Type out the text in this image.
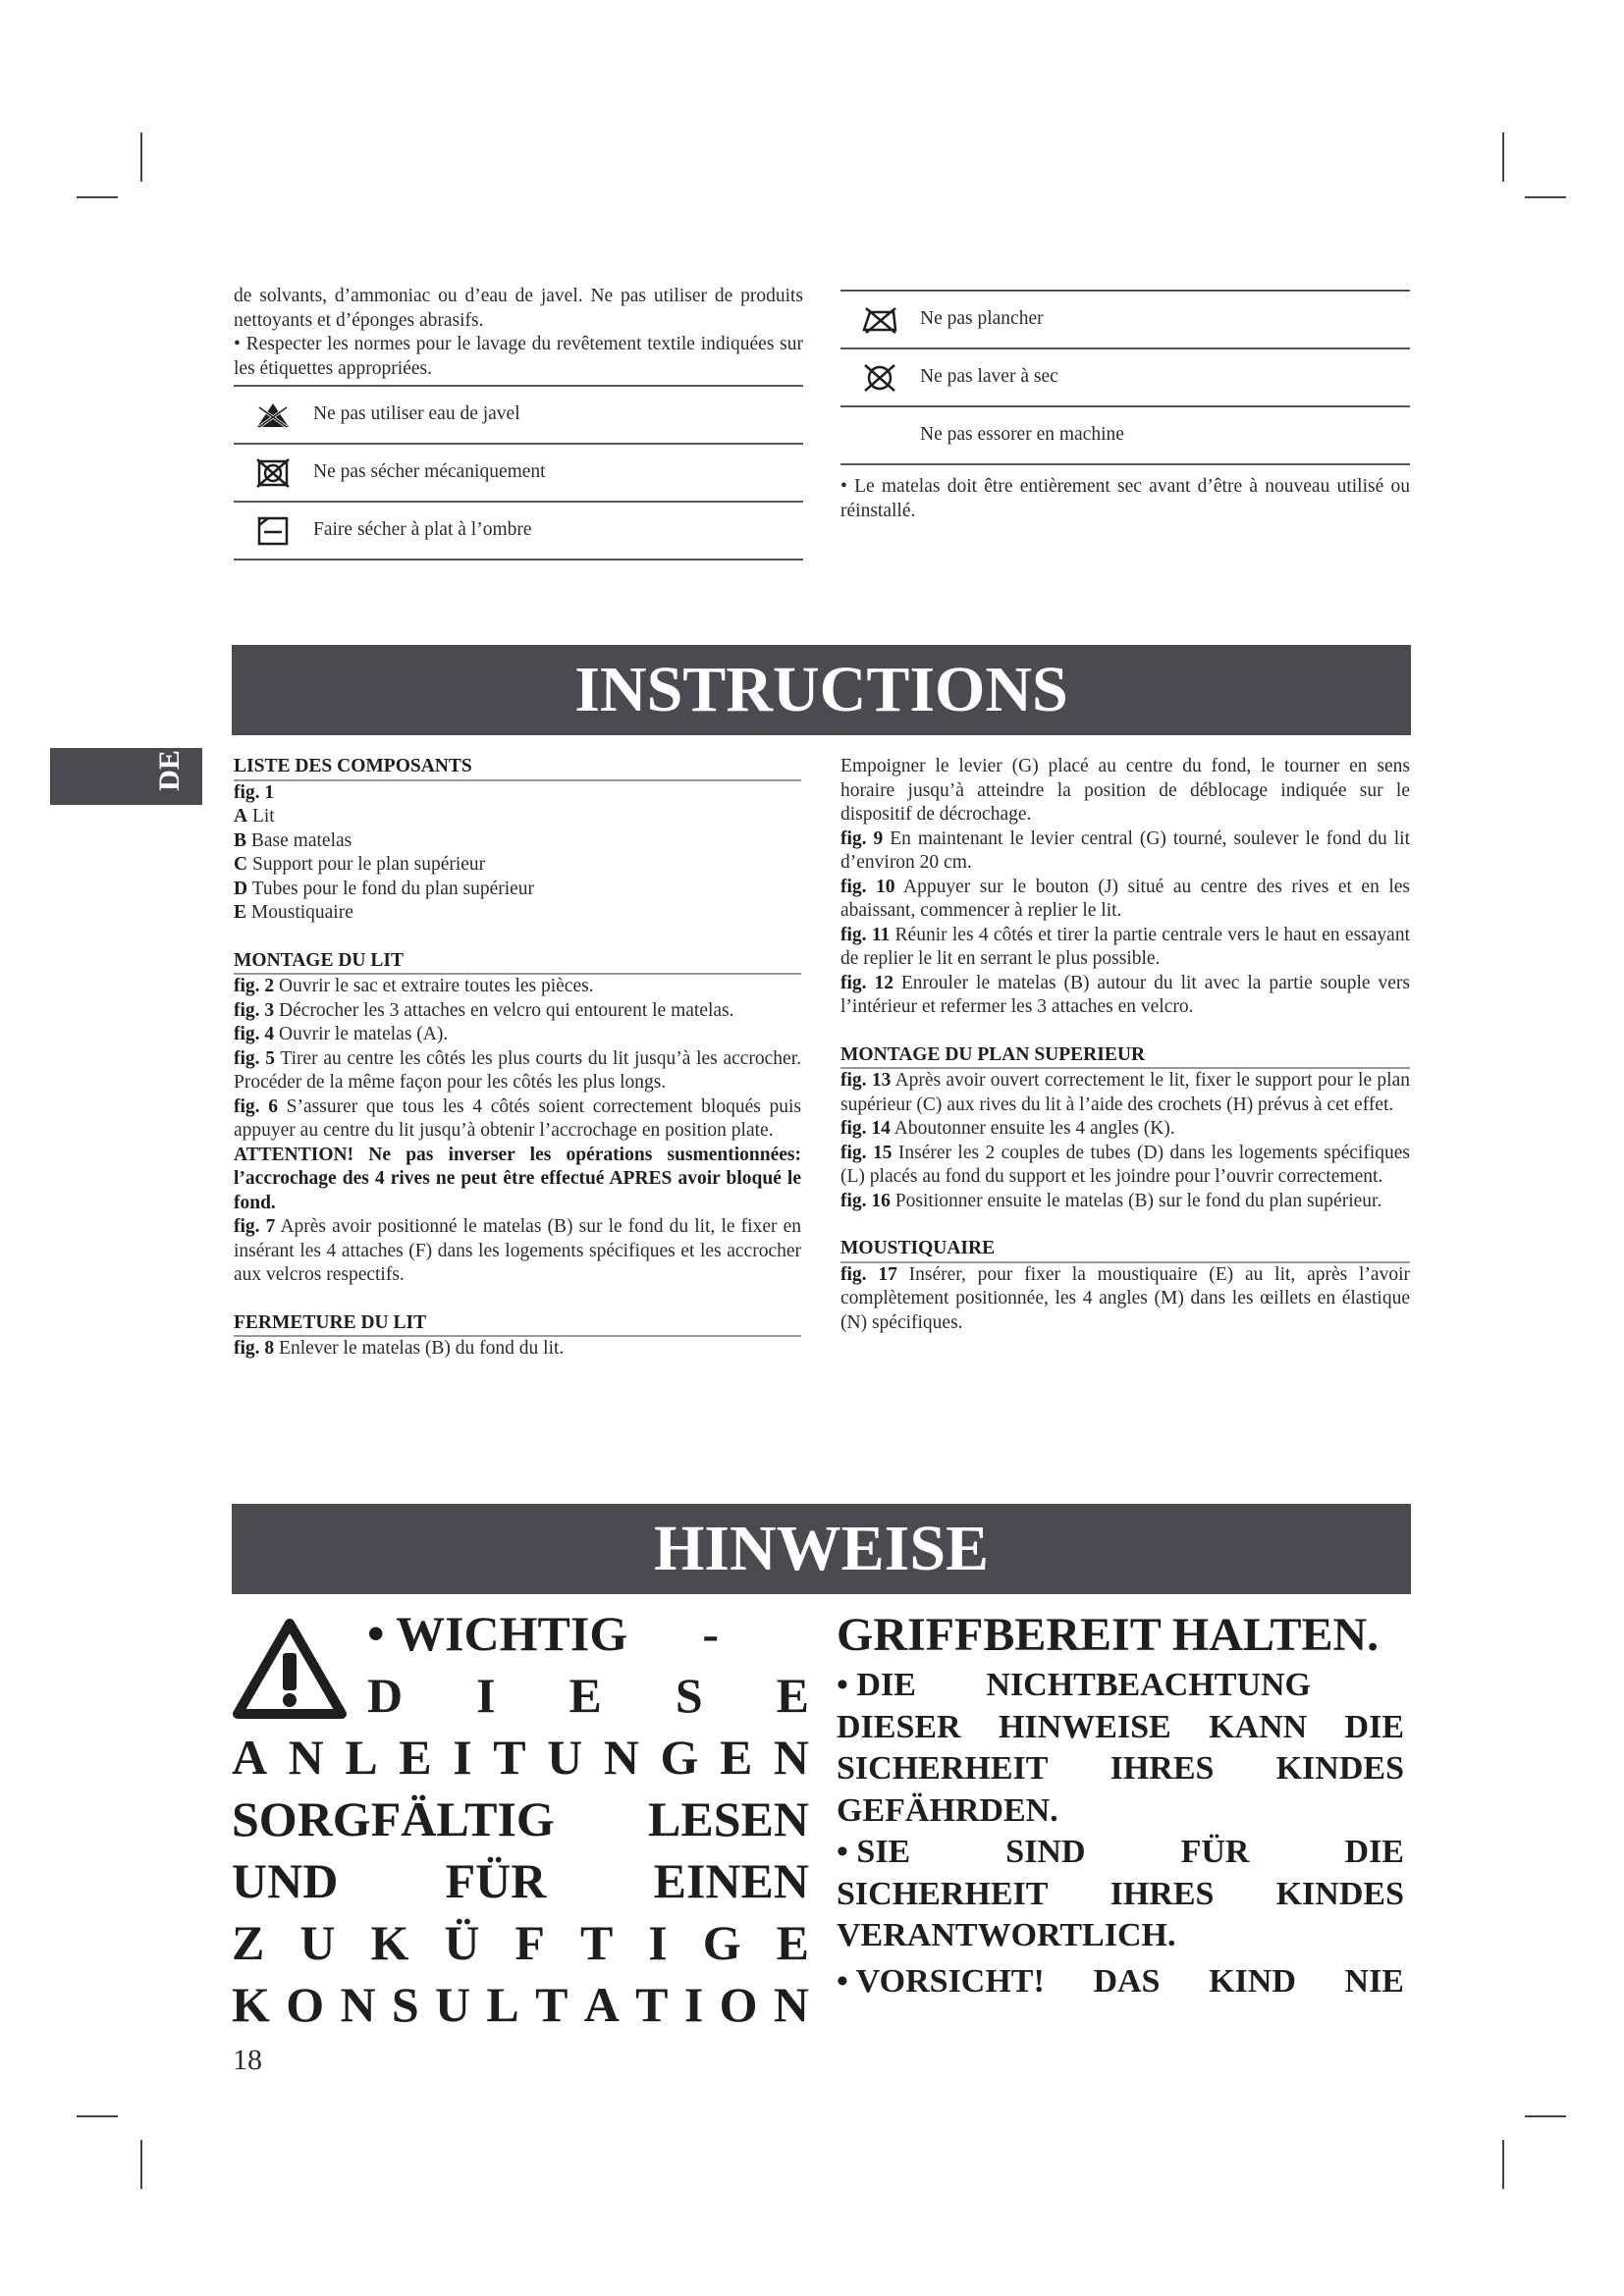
de solvants, d’ammoniac ou d’eau de javel. Ne pas utiliser de produits nettoyants et d’éponges abrasifs.

• Respecter les normes pour le lavage du revêtement textile indiquées sur les étiquettes appropriées.

	Ne pas utiliser eau de javel

	Ne pas sécher mécaniquement

	Faire sécher à plat à l’ombre
	Ne pas plancher

	Ne pas laver à sec
	Ne pas essorer en machine

• Le matelas doit être entièrement sec avant d’être à nouveau utilisé ou réinstallé.

INSTRUCTIONS
DE	LISTE DES COMPOSANTS

fig. 1

A Lit

B Base matelas

C Support pour le plan supérieur

D Tubes pour le fond du plan supérieur

E Moustiquaire

MONTAGE DU LIT

fig. 2 Ouvrir le sac et extraire toutes les pièces.

fig. 3 Décrocher les 3 attaches en velcro qui entourent le matelas.

fig. 4 Ouvrir le matelas (A).

fig. 5 Tirer au centre les côtés les plus courts du lit jusqu’à les accrocher. Procéder de la même façon pour les côtés les plus longs.

fig. 6 S’assurer que tous les 4 côtés soient correctement bloqués puis appuyer au centre du lit jusqu’à obtenir l’accrochage en position plate.

ATTENTION! Ne pas inverser les opérations susmentionnées: l’accrochage des 4 rives ne peut être effectué APRES avoir bloqué le fond.

fig. 7 Après avoir positionné le matelas (B) sur le fond du lit, le fixer en insérant les 4 attaches (F) dans les logements spécifiques et les accrocher aux velcros respectifs.

FERMETURE DU LIT

fig. 8 Enlever le matelas (B) du fond du lit.

Empoigner le levier (G) placé au centre du fond, le tourner en sens horaire jusqu’à atteindre la position de déblocage indiquée sur le dispositif de décrochage.

fig. 9 En maintenant le levier central (G) tourné, soulever le fond du lit d’environ 20 cm.

fig. 10 Appuyer sur le bouton (J) situé au centre des rives et en les abaissant, commencer à replier le lit.

fig. 11 Réunir les 4 côtés et tirer la partie centrale vers le haut en essayant de replier le lit en serrant le plus possible.

fig. 12 Enrouler le matelas (B) autour du lit avec la partie souple vers l’intérieur et refermer les 3 attaches en velcro.

MONTAGE DU PLAN SUPERIEUR

fig. 13 Après avoir ouvert correctement le lit, fixer le support pour le plan supérieur (C) aux rives du lit à l’aide des crochets (H) prévus à cet effet.

fig. 14 Aboutonner ensuite les 4 angles (K).

fig. 15 Insérer les 2 couples de tubes (D) dans les logements spécifiques (L) placés au fond du support et les joindre pour l’ouvrir correctement.

fig. 16 Positionner ensuite le matelas (B) sur le fond du plan supérieur.

MOUSTIQUAIRE

fig. 17 Insérer, pour fixer la moustiquaire (E) au lit, après l’avoir complètement positionnée, les 4 angles (M) dans les œillets en élastique (N) spécifiques.

HINWEISE
• WICHTIG -
D I E S E
A N L E I T U N G E N
SORGFÄLTIG LESEN
UND FÜR EINEN
Z U K Ü F T I G E
K O N S U L T A T I O N
GRIFFBEREIT HALTEN.
• DIE NICHTBEACHTUNG
DIESER HINWEISE KANN DIE
SICHERHEIT IHRES KINDES
GEFÄHRDEN.
• SIE	SIND	FÜR	DIE
SICHERHEIT IHRES KINDES
VERANTWORTLICH.
• VORSICHT! DAS KIND NIE
18
